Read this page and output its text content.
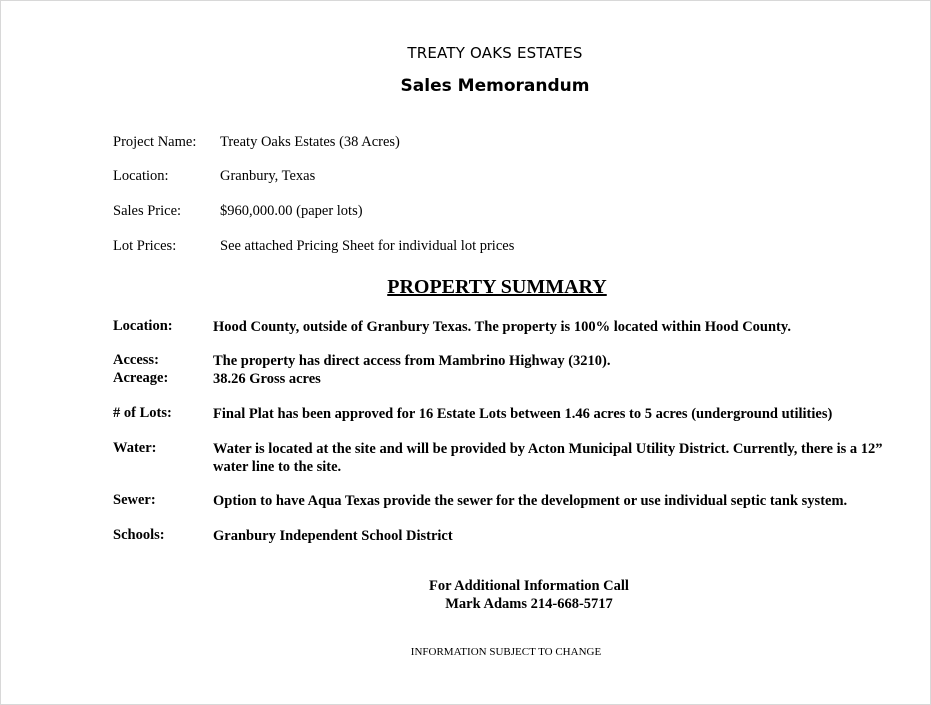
TREATY OAKS ESTATES
Sales Memorandum
Project Name: Treaty Oaks Estates (38 Acres)
Location:	Granbury, Texas
Sales Price:	$960,000.00 (paper lots)
Lot Prices:	See attached Pricing Sheet for individual lot prices
PROPERTY SUMMARY
Location:	Hood County, outside of Granbury Texas. The property is 100% located within Hood County.
Access:	The property has direct access from Mambrino Highway (3210).
Acreage:	38.26 Gross acres
# of Lots:	Final Plat has been approved for 16 Estate Lots between 1.46 acres to 5 acres (underground utilities)
Water:	Water is located at the site and will be provided by Acton Municipal Utility District. Currently, there is a 12” water line to the site.
Sewer:	Option to have Aqua Texas provide the sewer for the development or use individual septic tank system.
Schools:	Granbury Independent School District
For Additional Information Call
Mark Adams 214-668-5717
INFORMATION SUBJECT TO CHANGE
